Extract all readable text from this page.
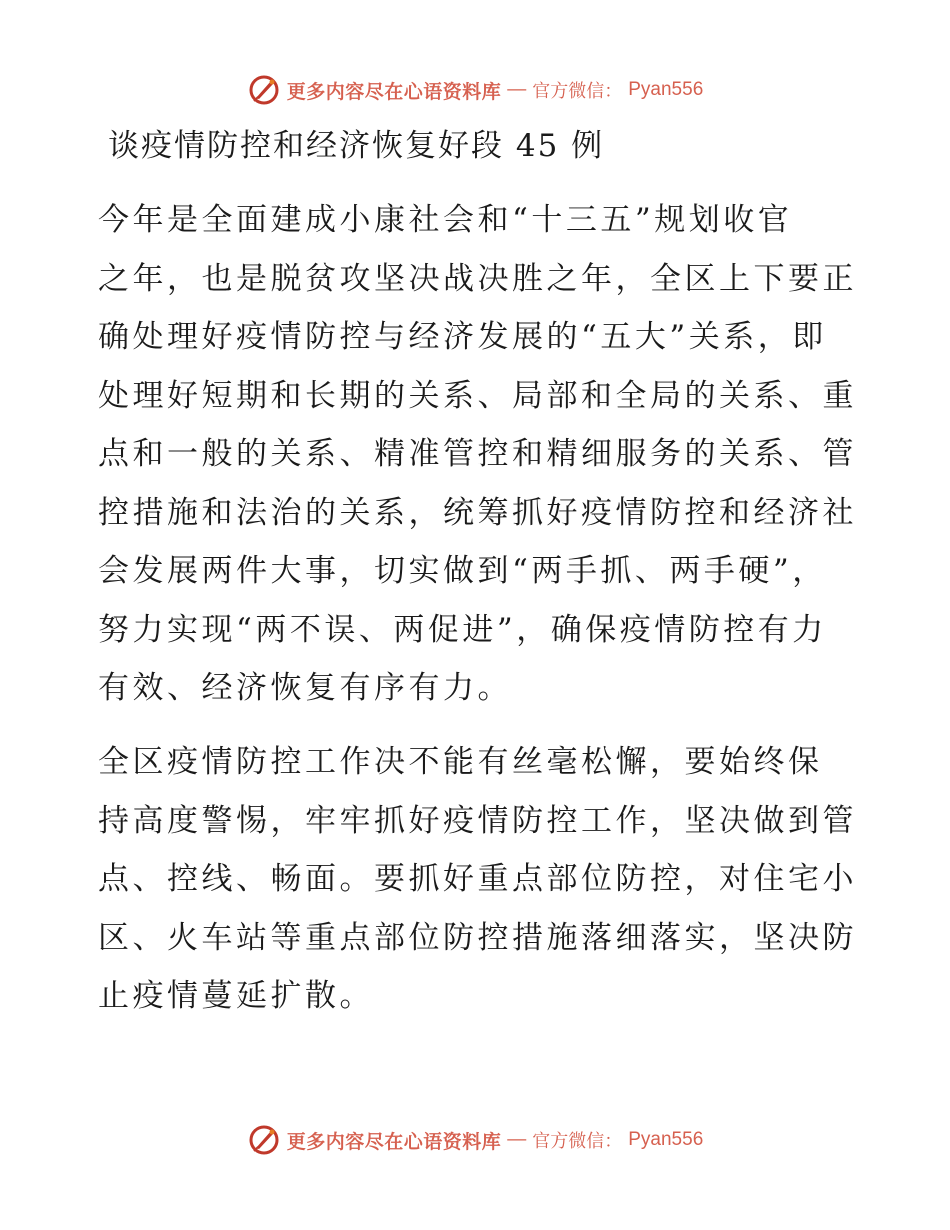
更多内容尽在心语资料库 — 官方微信： Pyan556
谈疫情防控和经济恢复好段 45 例
今年是全面建成小康社会和“十三五”规划收官
之年，也是脱贫攻坚决战决胜之年，全区上下要正
确处理好疫情防控与经济发展的“五大”关系，即
处理好短期和长期的关系、局部和全局的关系、重
点和一般的关系、精准管控和精细服务的关系、管
控措施和法治的关系，统筹抓好疫情防控和经济社
会发展两件大事，切实做到“两手抓、两手硬”，
努力实现“两不误、两促进”，确保疫情防控有力
有效、经济恢复有序有力。
全区疫情防控工作决不能有丝毫松懈，要始终保
持高度警惕，牢牢抓好疫情防控工作，坚决做到管
点、控线、畅面。要抓好重点部位防控，对住宅小
区、火车站等重点部位防控措施落细落实，坚决防
止疫情蔓延扩散。
更多内容尽在心语资料库 — 官方微信： Pyan556
